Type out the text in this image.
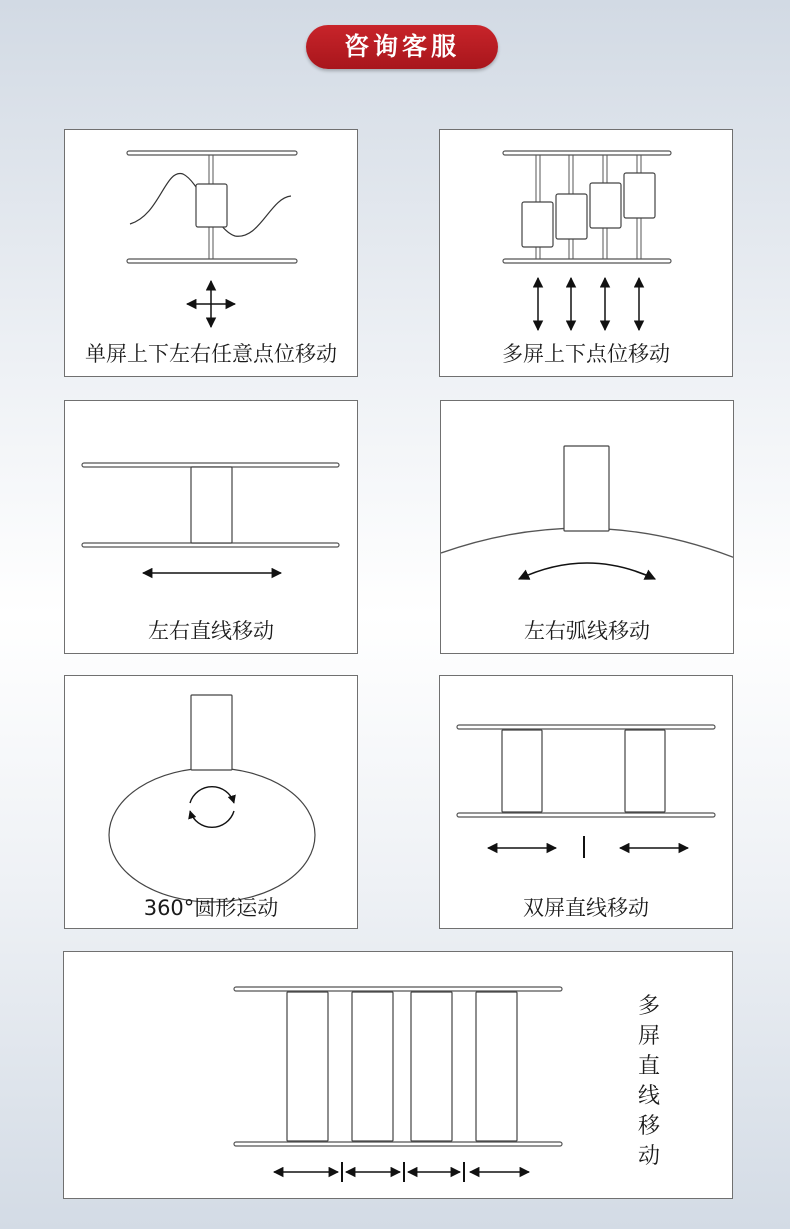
咨询客服
单屏上下左右任意点位移动	多屏上下点位移动
左右直线移动	左右弧线移动
360°圆形运动	双屏直线移动
多
屏
直
线
移
动
